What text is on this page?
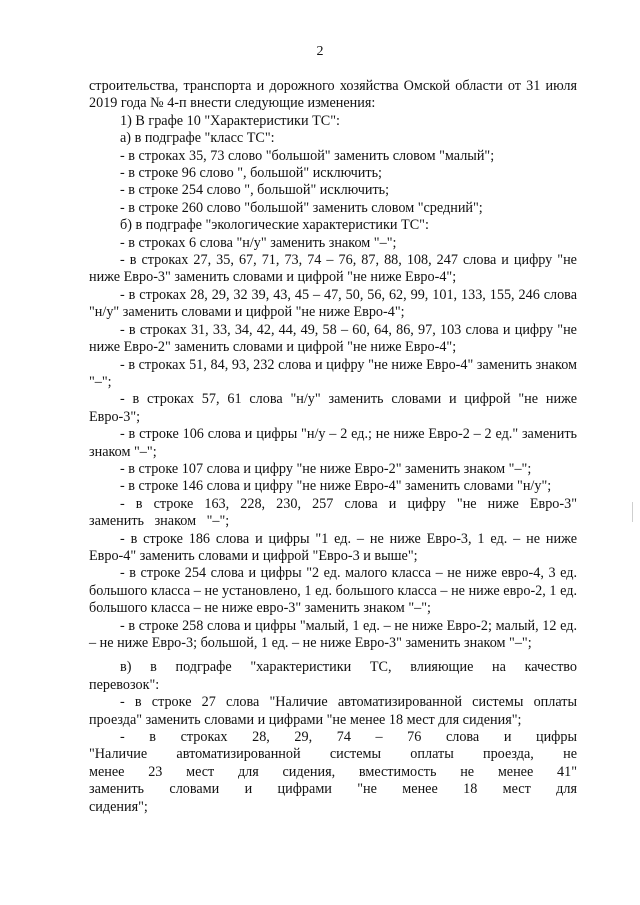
2

строительства, транспорта и дорожного хозяйства Омской области от 31 июля 2019 года № 4-п внести следующие изменения:

1) В графе 10 "Характеристики ТС":

а) в подграфе "класс ТС":

- в строках 35, 73 слово "большой" заменить словом "малый";

- в строке 96 слово ", большой" исключить;

- в строке 254 слово ", большой" исключить;

- в строке 260 слово "большой" заменить словом "средний";

б) в подграфе "экологические характеристики ТС":

- в строках 6 слова "н/у" заменить знаком "–";

- в строках 27, 35, 67, 71, 73, 74 – 76, 87, 88, 108, 247 слова и цифру "не ниже Евро-3" заменить словами и цифрой "не ниже Евро-4";

- в строках 28, 29, 32 39, 43, 45 – 47, 50, 56, 62, 99, 101, 133, 155, 246 слова "н/у" заменить словами и цифрой "не ниже Евро-4";

- в строках 31, 33, 34, 42, 44, 49, 58 – 60, 64, 86, 97, 103 слова и цифру "не ниже Евро-2" заменить словами и цифрой "не ниже Евро-4";

- в строках 51, 84, 93, 232 слова и цифру "не ниже Евро-4" заменить знаком "–";

- в строках 57, 61 слова "н/у" заменить словами и цифрой "не ниже Евро-3";

- в строке 106 слова и цифры "н/у – 2 ед.; не ниже Евро-2 – 2 ед." заменить знаком "–";

- в строке 107 слова и цифру "не ниже Евро-2" заменить знаком "–";

- в строке 146 слова и цифру "не ниже Евро-4" заменить словами "н/у";

- в строке 163, 228, 230, 257 слова и цифру "не ниже Евро-3" заменить знаком "–";

- в строке 186 слова и цифры "1 ед. – не ниже Евро-3, 1 ед. – не ниже Евро-4" заменить словами и цифрой "Евро-3 и выше";

- в строке 254 слова и цифры "2 ед. малого класса – не ниже евро-4, 3 ед. большого класса – не установлено, 1 ед. большого класса – не ниже евро-2, 1 ед. большого класса – не ниже евро-3" заменить знаком "–";

- в строке 258 слова и цифры "малый, 1 ед. – не ниже Евро-2; малый, 12 ед. – не ниже Евро-3; большой, 1 ед. – не ниже Евро-3" заменить знаком "–";

в) в подграфе "характеристики ТС, влияющие на качество перевозок":

- в строке 27 слова "Наличие автоматизированной системы оплаты проезда" заменить словами и цифрами "не менее 18 мест для сидения";

- в строках 28, 29, 74 – 76 слова и цифры "Наличие автоматизированной системы оплаты проезда, не менее 23 мест для сидения, вместимость не менее 41" заменить словами и цифрами "не менее 18 мест для сидения";
